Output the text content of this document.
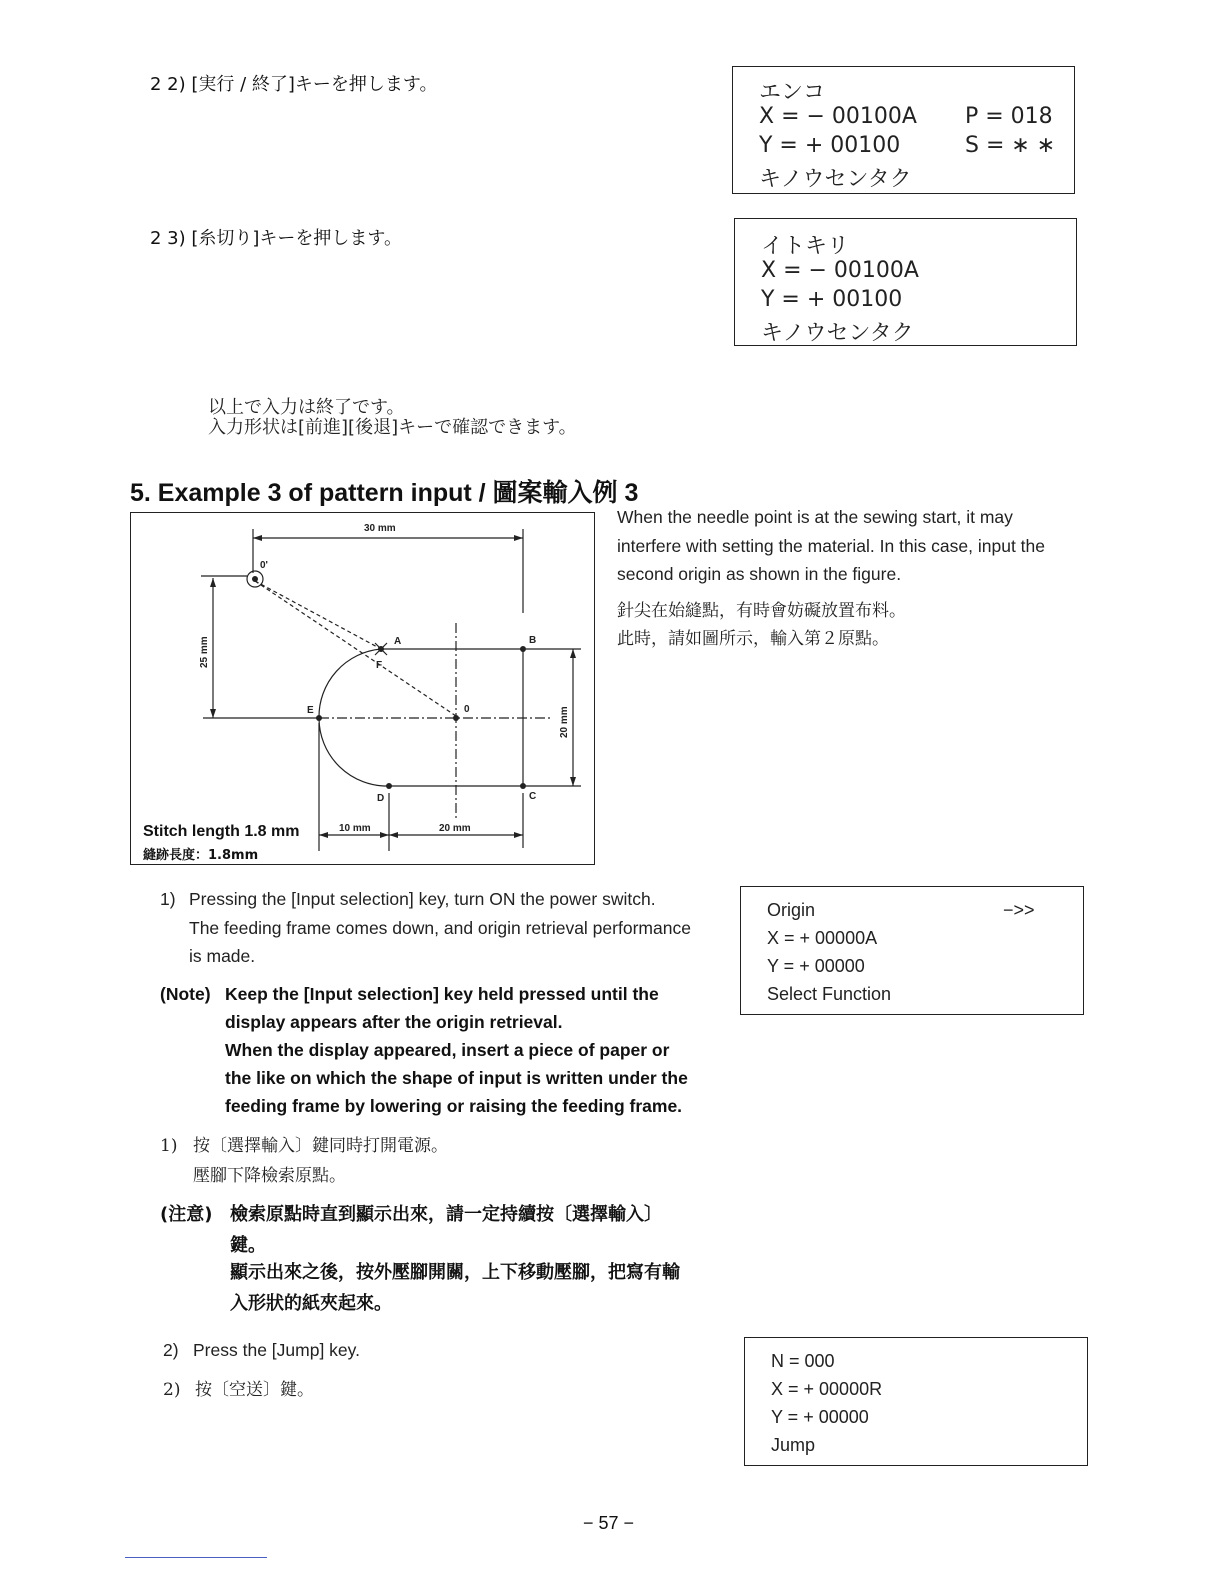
2 2) [実行 / 終了]キーを押します。	エンコ
X = − 00100A P = 018
Y = + 00100	S = ∗ ∗
キノウセンタク
2 3) [糸切り]キーを押します。	イトキリ
X = − 00100A
Y = + 00100
キノウセンタク
以上で入力は終了です。
入力形状は[前進][後退]キーで確認できます。
5. Example 3 of pattern input / 圖案輸入例 3
30 mm
0'
A	B
F
E	0
C
D
10 mm	20 mm
25 mm
20 mm
Stitch length 1.8 mm
縫跡長度：1.8mm
When the needle point is at the sewing start, it may
interfere with setting the material. In this case, input the
second origin as shown in the figure.
針尖在始縫點，有時會妨礙放置布料。
此時，請如圖所示，輸入第２原點。
1) Pressing the [Input selection] key, turn ON the power switch.
The feeding frame comes down, and origin retrieval performance
is made.
(Note) Keep the [Input selection] key held pressed until the
display appears after the origin retrieval.
When the display appeared, insert a piece of paper or
the like on which the shape of input is written under the
feeding frame by lowering or raising the feeding frame.
Origin	−>>
X = + 00000A
Y = + 00000
Select Function
1) 按〔選擇輸入〕鍵同時打開電源。
壓腳下降檢索原點。
(注意) 檢索原點時直到顯示出來，請一定持續按〔選擇輸入〕
鍵。
顯示出來之後，按外壓腳開關，上下移動壓腳，把寫有輸
入形狀的紙夾起來。
2) Press the [Jump] key.
2) 按〔空送〕鍵。
N = 000
X = + 00000R
Y = + 00000
Jump
− 57 −
